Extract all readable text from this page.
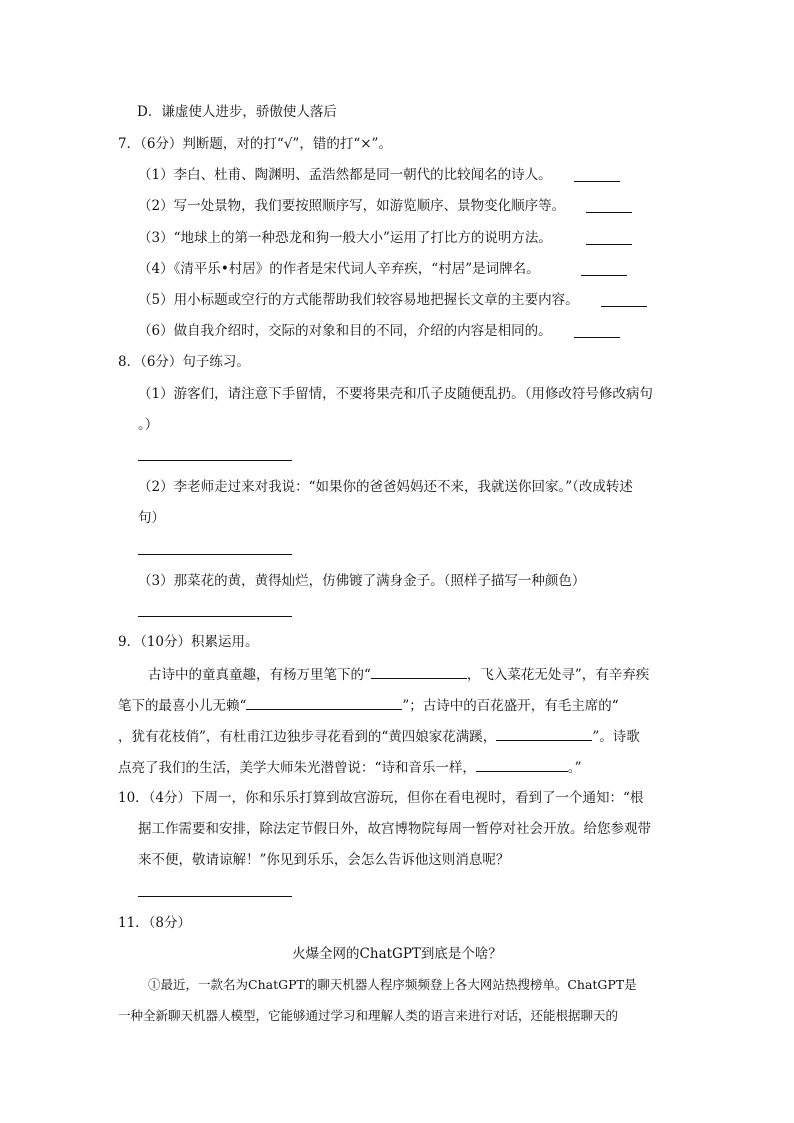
D．谦虚使人进步，骄傲使人落后
7．（6分）判断题，对的打“√”，错的打“×”。
（1）李白、杜甫、陶渊明、孟浩然都是同一朝代的比较闻名的诗人。
（2）写一处景物，我们要按照顺序写，如游览顺序、景物变化顺序等。
（3）“地球上的第一种恐龙和狗一般大小”运用了打比方的说明方法。
（4）《清平乐•村居》的作者是宋代词人辛弃疾，“村居”是词牌名。
（5）用小标题或空行的方式能帮助我们较容易地把握长文章的主要内容。
（6）做自我介绍时，交际的对象和目的不同，介绍的内容是相同的。
8．（6分）句子练习。
（1）游客们，请注意下手留情，不要将果壳和爪子皮随便乱扔。（用修改符号修改病句
。）
（2）李老师走过来对我说：“如果你的爸爸妈妈还不来，我就送你回家。”（改成转述
句）
（3）那菜花的黄，黄得灿烂，仿佛镀了满身金子。（照样子描写一种颜色）
9．（10分）积累运用。
古诗中的童真童趣，有杨万里笔下的“	，飞入菜花无处寻”，有辛弃疾
笔下的最喜小儿无赖“	”；古诗中的百花盛开，有毛主席的“
，犹有花枝俏”，有杜甫江边独步寻花看到的“黄四娘家花满蹊，	”。诗歌
点亮了我们的生活，美学大师朱光潜曾说：“诗和音乐一样，	。”
10．（4分）下周一，你和乐乐打算到故宫游玩，但你在看电视时，看到了一个通知：“根
据工作需要和安排，除法定节假日外，故宫博物院每周一暂停对社会开放。给您参观带
来不便，敬请谅解！”你见到乐乐，会怎么告诉他这则消息呢？
11．（8分）
火爆全网的ChatGPT到底是个啥？
①最近，一款名为ChatGPT的聊天机器人程序频频登上各大网站热搜榜单。ChatGPT是
一种全新聊天机器人模型，它能够通过学习和理解人类的语言来进行对话，还能根据聊天的
